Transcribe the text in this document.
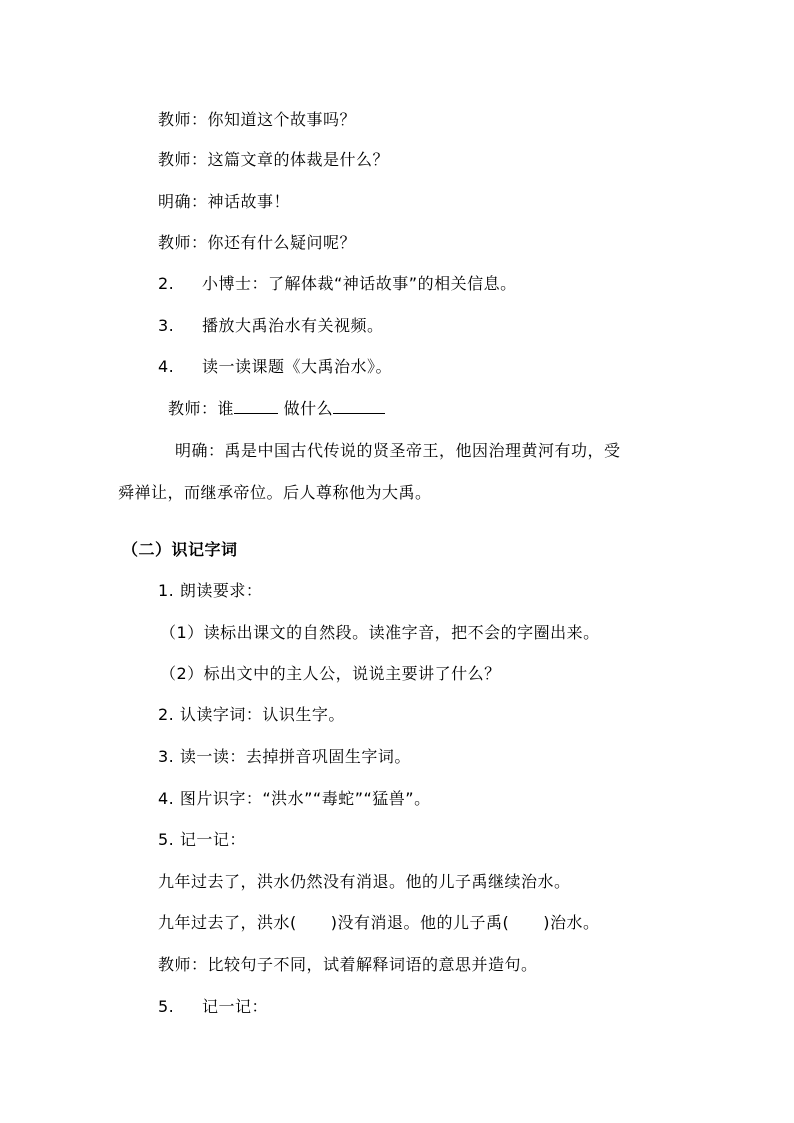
教师：你知道这个故事吗？
教师：这篇文章的体裁是什么？
明确：神话故事！
教师：你还有什么疑问呢？
2. 小博士：了解体裁“神话故事”的相关信息。
3. 播放大禹治水有关视频。
4. 读一读课题《大禹治水》。
教师：谁	做什么
明确：禹是中国古代传说的贤圣帝王，他因治理黄河有功，受
舜禅让，而继承帝位。后人尊称他为大禹。
（二）识记字词
1. 朗读要求：
（1）读标出课文的自然段。读准字音，把不会的字圈出来。
（2）标出文中的主人公，说说主要讲了什么？
2. 认读字词：认识生字。
3. 读一读：去掉拼音巩固生字词。
4. 图片识字：“洪水”“毒蛇”“猛兽”。
5. 记一记：
九年过去了，洪水仍然没有消退。他的儿子禹继续治水。
九年过去了，洪水( )没有消退。他的儿子禹( )治水。
教师：比较句子不同，试着解释词语的意思并造句。
5. 记一记：
